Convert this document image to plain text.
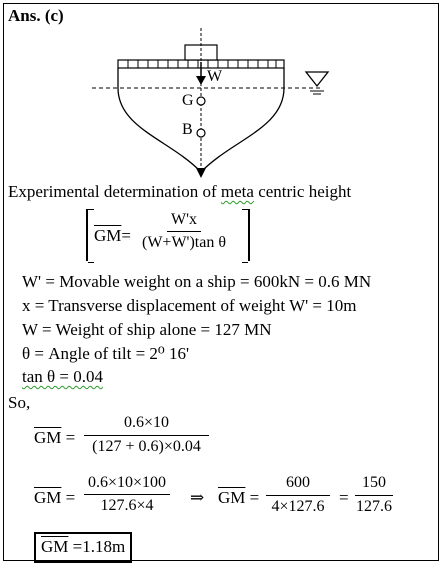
Ans. (c)
W
G
B
Experimental determination of meta centric height
$\overline{GM}= \frac{W'x}{\text{(W+W')tan θ}}$
W' = Movable weight on a ship = 600kN = 0.6 MN
x = Transverse displacement of weight W' = 10m
W = Weight of ship alone = 127 MN
θ = Angle of tilt = 2⁰ 16'
tan θ = 0.04
So,
$\overline{GM} = \frac{0.6\times 10}{(127 + 0.6)\times 0.04}$
$\overline{GM} = \frac{0.6\times 10\times 100}{127.6\times 4}$ ⇒ $\overline{GM} = \frac{600}{4\times 127.6} = \frac{150}{127.6}$
$\overline{GM} =1.18m$
